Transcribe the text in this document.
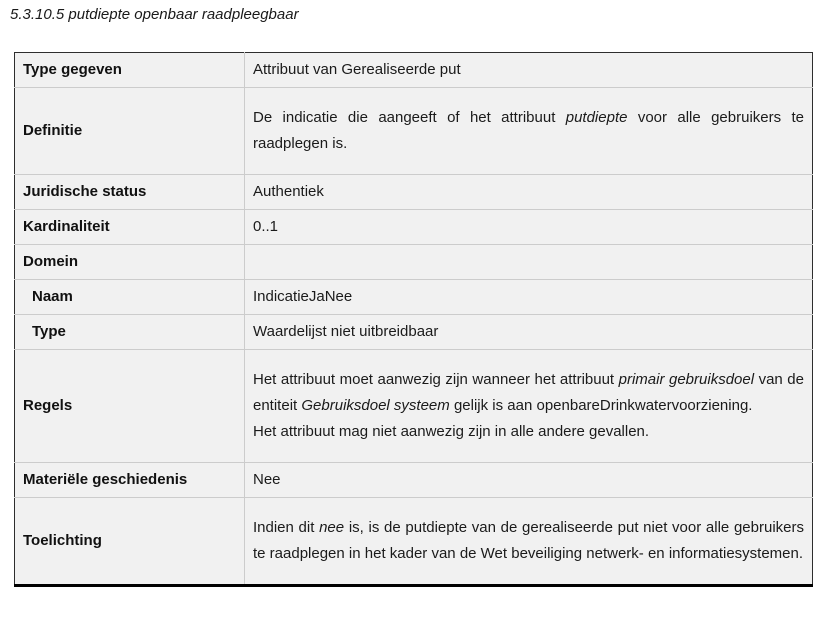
5.3.10.5 putdiepte openbaar raadpleegbaar
Type gegeven	Attribuut van Gerealiseerde put

Definitie	De indicatie die aangeeft of het attribuut putdiepte voor alle gebruikers te raadplegen is.

Juridische status	Authentiek

Kardinaliteit	0..1

Domein	

Naam	IndicatieJaNee

Type	Waardelijst niet uitbreidbaar

Regels	Het attribuut moet aanwezig zijn wanneer het attribuut primair gebruiksdoel van de entiteit Gebruiksdoel systeem gelijk is aan openbareDrinkwatervoorziening.
Het attribuut mag niet aanwezig zijn in alle andere gevallen.

Materiële geschiedenis	Nee

Toelichting	Indien dit nee is, is de putdiepte van de gerealiseerde put niet voor alle gebruikers te raadplegen in het kader van de Wet beveiliging netwerk- en informatiesystemen.
